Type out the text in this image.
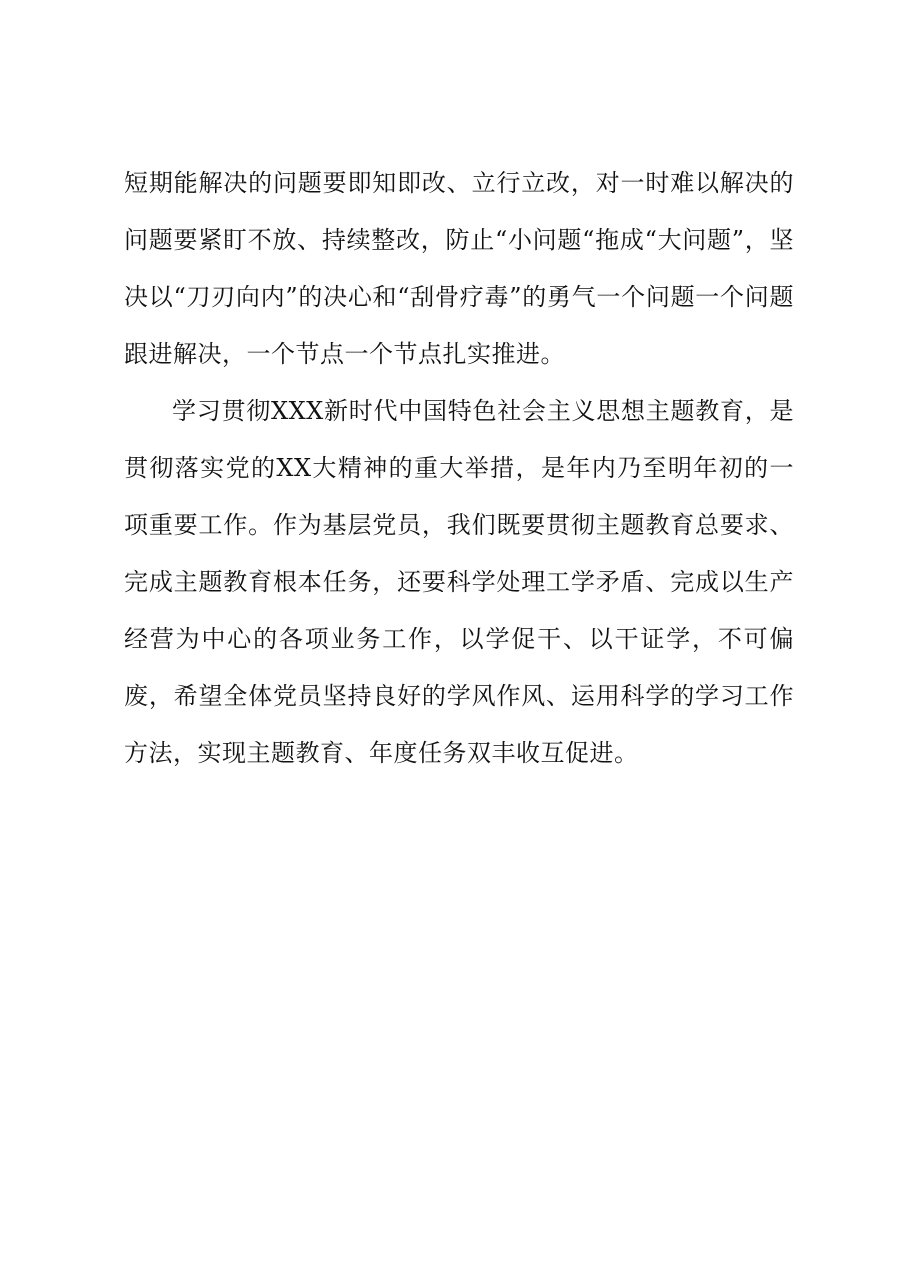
短期能解决的问题要即知即改、立行立改，对一时难以解决的问题要紧盯不放、持续整改，防止“小问题“拖成“大问题”，坚决以“刀刃向内”的决心和“刮骨疗毒”的勇气一个问题一个问题跟进解决，一个节点一个节点扎实推进。

学习贯彻XXX新时代中国特色社会主义思想主题教育，是贯彻落实党的XX大精神的重大举措，是年内乃至明年初的一项重要工作。作为基层党员，我们既要贯彻主题教育总要求、完成主题教育根本任务，还要科学处理工学矛盾、完成以生产经营为中心的各项业务工作，以学促干、以干证学，不可偏废，希望全体党员坚持良好的学风作风、运用科学的学习工作方法，实现主题教育、年度任务双丰收互促进。
